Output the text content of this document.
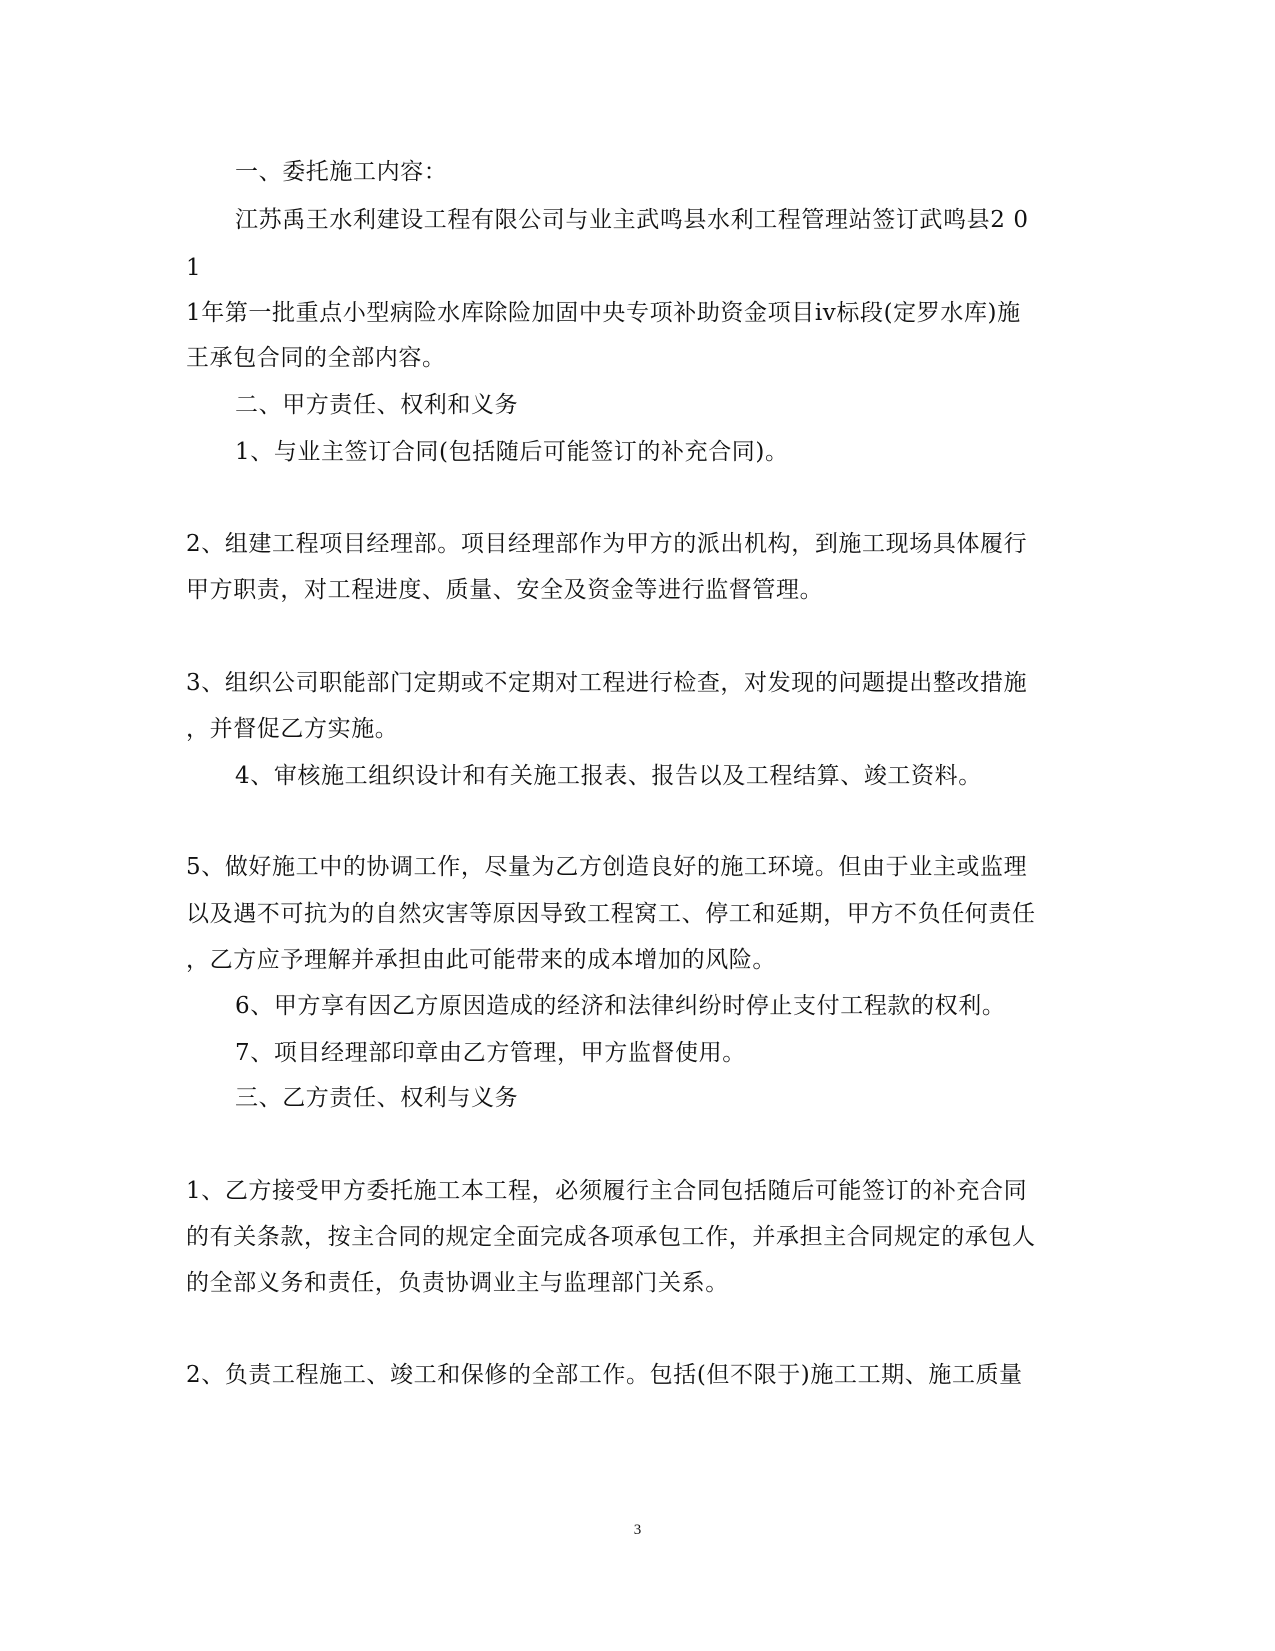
一、委托施工内容：
江苏禹王水利建设工程有限公司与业主武鸣县水利工程管理站签订武鸣县2 0
1
1年第一批重点小型病险水库除险加固中央专项补助资金项目iv标段(定罗水库)施
王承包合同的全部内容。
二、甲方责任、权利和义务
1、与业主签订合同(包括随后可能签订的补充合同)。
2、组建工程项目经理部。项目经理部作为甲方的派出机构，到施工现场具体履行
甲方职责，对工程进度、质量、安全及资金等进行监督管理。
3、组织公司职能部门定期或不定期对工程进行检查，对发现的问题提出整改措施
，并督促乙方实施。
4、审核施工组织设计和有关施工报表、报告以及工程结算、竣工资料。
5、做好施工中的协调工作，尽量为乙方创造良好的施工环境。但由于业主或监理
以及遇不可抗为的自然灾害等原因导致工程窝工、停工和延期，甲方不负任何责任
，乙方应予理解并承担由此可能带来的成本增加的风险。
6、甲方享有因乙方原因造成的经济和法律纠纷时停止支付工程款的权利。
7、项目经理部印章由乙方管理，甲方监督使用。
三、乙方责任、权利与义务
1、乙方接受甲方委托施工本工程，必须履行主合同包括随后可能签订的补充合同
的有关条款，按主合同的规定全面完成各项承包工作，并承担主合同规定的承包人
的全部义务和责任，负责协调业主与监理部门关系。
2、负责工程施工、竣工和保修的全部工作。包括(但不限于)施工工期、施工质量
3
